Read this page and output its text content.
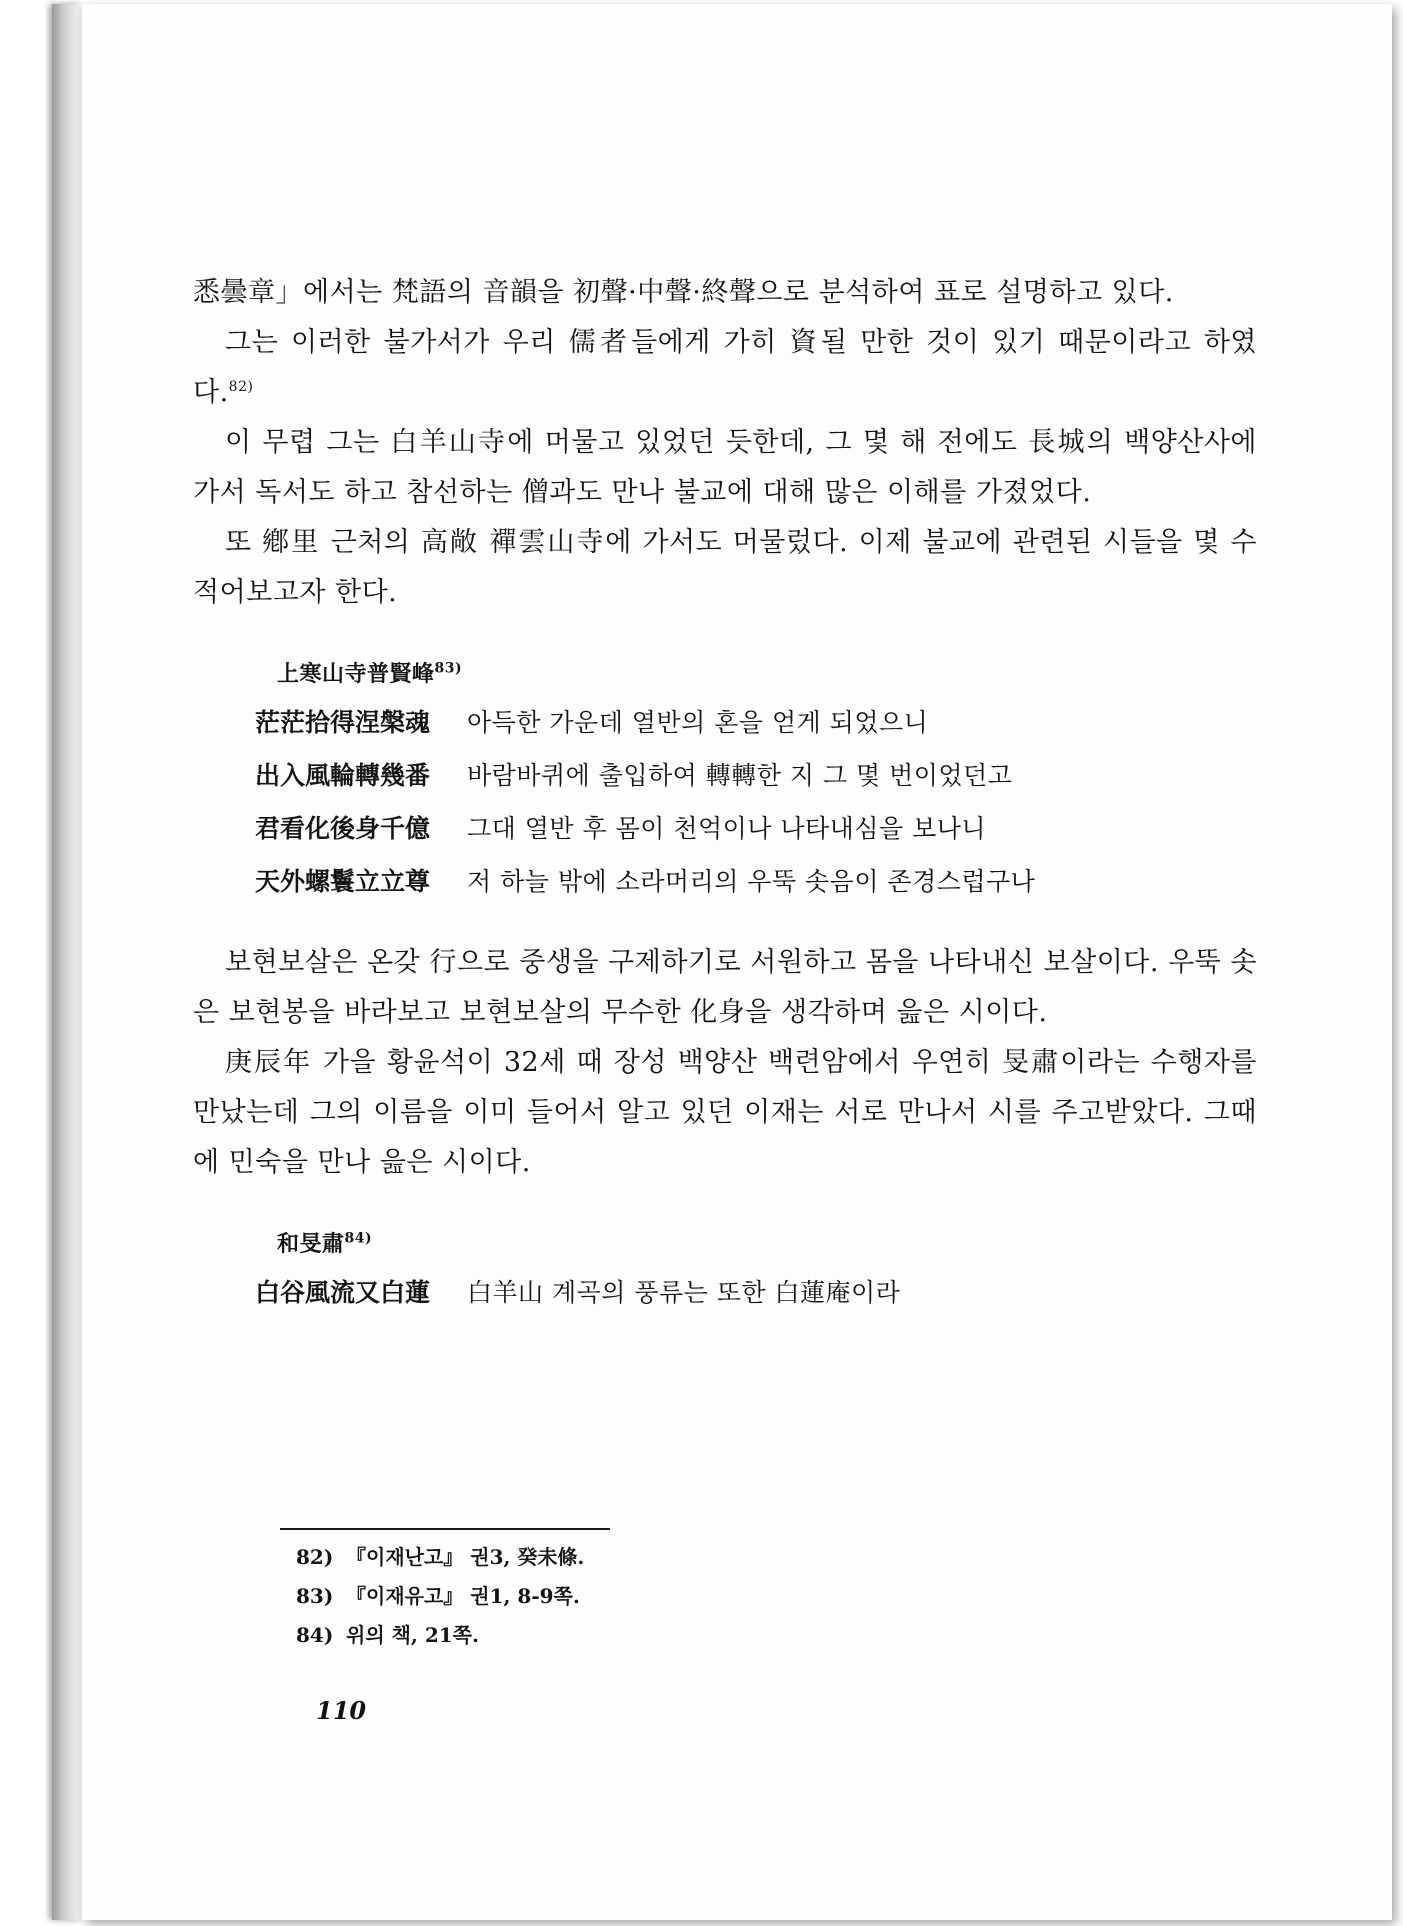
悉曇章」에서는 梵語의 音韻을 初聲·中聲·終聲으로 분석하여 표로 설명하고 있다.

그는 이러한 불가서가 우리 儒者들에게 가히 資될 만한 것이 있기 때문이라고 하였다.$^{82)}$

이 무렵 그는 白羊山寺에 머물고 있었던 듯한데, 그 몇 해 전에도 長城의 백양산사에 가서 독서도 하고 참선하는 僧과도 만나 불교에 대해 많은 이해를 가졌었다.

또 鄕里 근처의 高敞 禪雲山寺에 가서도 머물렀다. 이제 불교에 관련된 시들을 몇 수 적어보고자 한다.

上寒山寺普賢峰$^{83)}$
茫茫拾得涅槃魂	아득한 가운데 열반의 혼을 얻게 되었으니
出入風輪轉幾番	바람바퀴에 출입하여 轉轉한 지 그 몇 번이었던고
君看化後身千億	그대 열반 후 몸이 천억이나 나타내심을 보나니
天外螺鬟立立尊	저 하늘 밖에 소라머리의 우뚝 솟음이 존경스럽구나

보현보살은 온갖 行으로 중생을 구제하기로 서원하고 몸을 나타내신 보살이다. 우뚝 솟은 보현봉을 바라보고 보현보살의 무수한 化身을 생각하며 읊은 시이다.

庚辰年 가을 황윤석이 32세 때 장성 백양산 백련암에서 우연히 旻肅이라는 수행자를 만났는데 그의 이름을 이미 들어서 알고 있던 이재는 서로 만나서 시를 주고받았다. 그때에 민숙을 만나 읊은 시이다.

和旻肅$^{84)}$
白谷風流又白蓮	白羊山 계곡의 풍류는 또한 白蓮庵이라
82) 『이재난고』 권3, 癸未條.
83) 『이재유고』 권1, 8-9쪽.
84) 위의 책, 21쪽.
110
